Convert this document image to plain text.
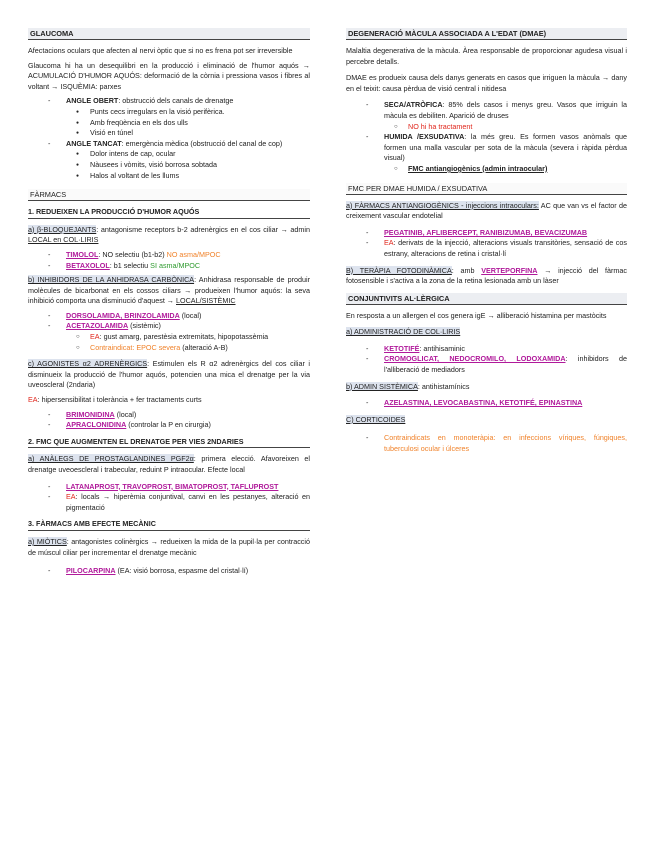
GLAUCOMA

Afectacions oculars que afecten al nervi òptic que si no es frena pot ser irreversible

Glaucoma hi ha un desequilibri en la producció i eliminació de l'humor aquós → ACUMULACIÓ D'HUMOR AQUÓS: deformació de la còrnia i pressiona vasos i fibres al voltant → ISQUÈMIA: parxes

- ANGLE OBERT: obstrucció dels canals de drenatge
● Punts cecs irregulars en la visió perifèrica.
● Amb freqüència en els dos ulls
● Visió en túnel
- ANGLE TANCAT: emergència mèdica (obstrucció del canal de cop)
● Dolor intens de cap, ocular
● Nàusees i vòmits, visió borrosa sobtada
● Halos al voltant de les llums
FÀRMACS
1. REDUEIXEN LA PRODUCCIÓ D'HUMOR AQUÓS

a) β-BLOQUEJANTS: antagonisme receptors b-2 adrenèrgics en el cos ciliar → admin LOCAL en COL·LIRIS

- TIMOLOL: NO selectiu (b1-b2) NO asma/MPOC
- BETAXOLOL: b1 selectiu SI asma/MPOC

b) INHIBIDORS DE LA ANHIDRASA CARBÒNICA: Anhidrasa responsable de produir molècules de bicarbonat en els cossos ciliars → produeixen l'humor aquós: la seva inhibició comporta una disminució d'aquest → LOCAL/SISTÈMIC

- DORSOLAMIDA, BRINZOLAMIDA (local)
- ACETAZOLAMIDA (sistèmic)
○ EA: gust amarg, parestèsia extremitats, hipopotassèmia
○ Contraindicat: EPOC severa (alteració A-B)

c) AGONISTES α2 ADRENÈRGICS: Estimulen els R α2 adrenèrgics del cos ciliar i disminueix la producció de l'humor aquós, potencien una mica el drenatge per la via uveoscleral (2ndaria)

EA: hipersensibilitat i tolerància + fer tractaments curts

- BRIMONIDINA (local)
- APRACLONIDINA (controlar la P en cirurgia)
2. FMC QUE AUGMENTEN EL DRENATGE PER VIES 2NDARIES

a) ANÀLEGS DE PROSTAGLANDINES PGF2α: primera elecció. Afavoreixen el drenatge uveoescleral i trabecular, reduint P intraocular. Efecte local

- LATANAPROST, TRAVOPROST, BIMATOPROST, TAFLUPROST
- EA: locals → hiperèmia conjuntival, canvi en les pestanyes, alteració en pigmentació
3. FÀRMACS AMB EFECTE MECÀNIC

a) MIÒTICS: antagonistes colinèrgics → redueixen la mida de la pupil·la per contracció de múscul ciliar per incrementar el drenatge mecànic

- PILOCARPINA (EA: visió borrosa, espasme del cristal·lí)
DEGENERACIÓ MÀCULA ASSOCIADA A L'EDAT (DMAE)

Malaltia degenerativa de la màcula. Àrea responsable de proporcionar agudesa visual i percebre detalls.

DMAE es produeix causa dels danys generats en casos que irriguen la màcula → dany en el teixit: causa pèrdua de visió central i nitidesa

- SECA/ATRÒFICA: 85% dels casos i menys greu. Vasos que irriguin la màcula es debiliten. Aparició de druses
○ NO hi ha tractament
- HUMIDA /EXSUDATIVA: la més greu. Es formen vasos anòmals que formen una malla vascular per sota de la màcula (severa i ràpida pèrdua visual)
○ FMC antiangiogènics (admin intraocular)
FMC PER DMAE HUMIDA / EXSUDATIVA

a) FÀRMACS ANTIANGIOGÈNICS - injeccions intraoculars: AC que van vs el factor de creixement vascular endotelial

- PEGATINIB, AFLIBERCEPT, RANIBIZUMAB, BEVACIZUMAB
- EA: derivats de la injecció, alteracions visuals transitòries, sensació de cos estrany, alteracions de retina i cristal·lí

B) TERÀPIA FOTODINÀMICA: amb VERTEPORFINA → injecció del fàrmac fotosensible i s'activa a la zona de la retina lesionada amb un làser

CONJUNTIVITS AL·LÈRGICA

En resposta a un allergen el cos genera igE → alliberació histamina per mastòcits

a) ADMINISTRACIÓ DE COL·LIRIS

- KETOTIFÉ: antihisaminic
- CROMOGLICAT, NEDOCROMILO, LODOXAMIDA: inhibidors de l'alliberació de mediadors

b) ADMIN SISTÈMICA: antihistamínics

- AZELASTINA, LEVOCABASTINA, KETOTIFÉ, EPINASTINA

C) CORTICOIDES

- Contraindicats en monoteràpia: en infeccions víriques, fúngiques, tuberculosi ocular i úlceres
